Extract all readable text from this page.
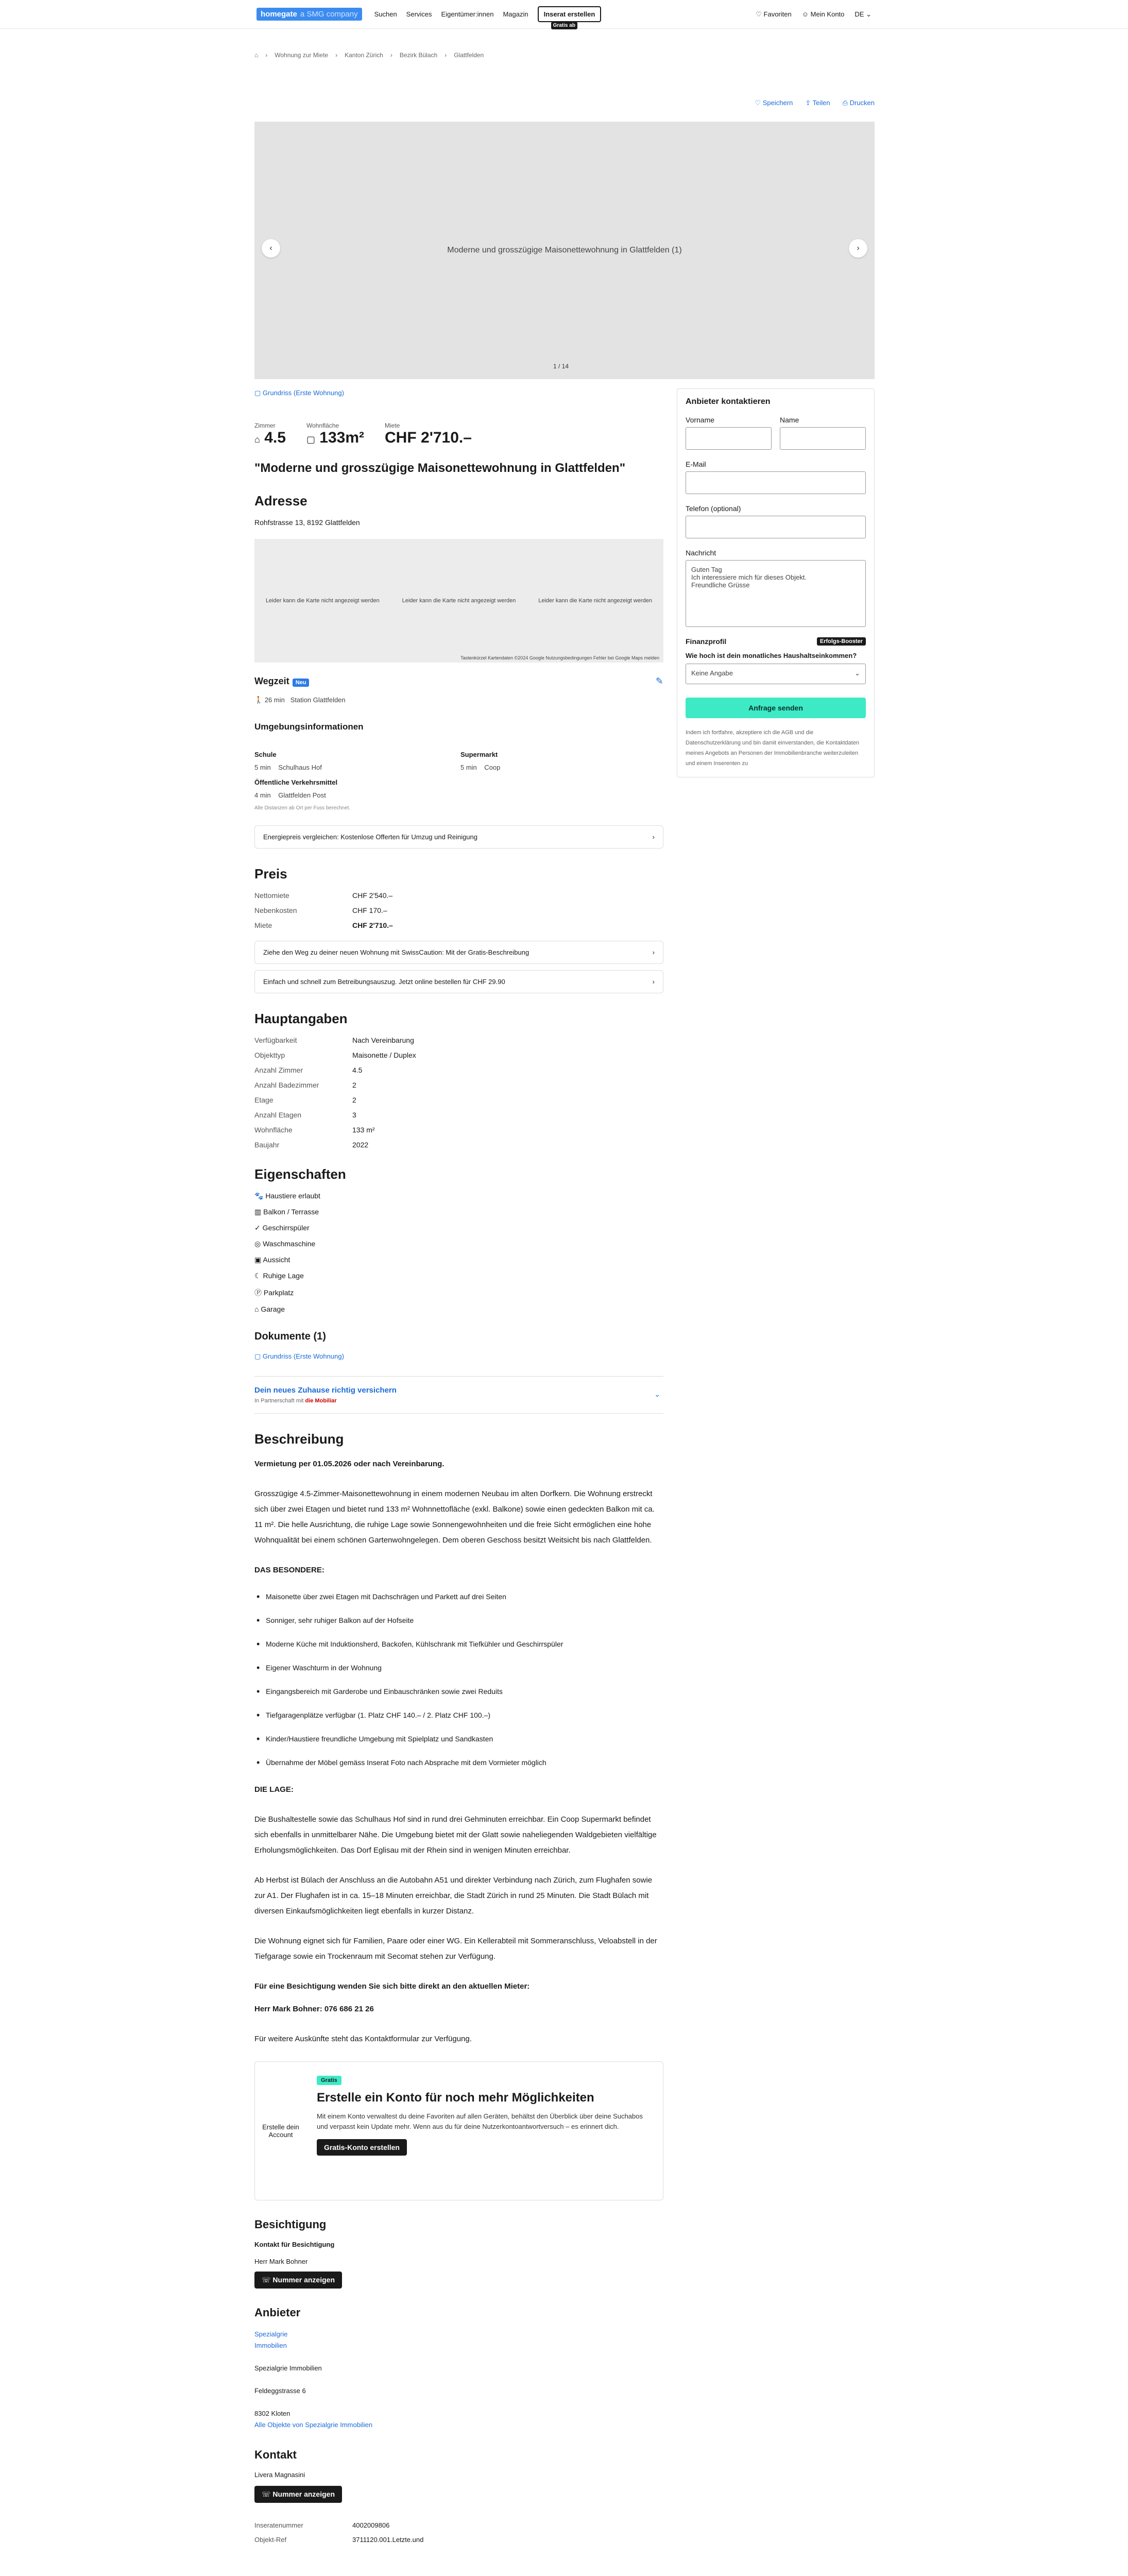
homegate a SMG company	Suchen Services Eigentümer:innen Magazin	Inserat erstellen
Gratis ab
♡ Favoriten ☺ Mein Konto DE ⌄
⌂ › Wohnung zur Miete › Kanton Zürich › Bezirk Bülach › Glattfelden
♡ Speichern ⇪ Teilen ⎙ Drucken
Moderne und grosszügige Maisonettewohnung in Glattfelden (1)
‹	›
1 / 14
▢ Grundriss (Erste Wohnung)
Zimmer
⌂ 4.5
Wohnfläche
▢ 133m²
Miete
CHF 2'710.–
"Moderne und grosszügige Maisonettewohnung in Glattfelden"
Adresse
Rohfstrasse 13, 8192 Glattfelden
Leider kann die Karte nicht angezeigt werden	Leider kann die Karte nicht angezeigt werden	Leider kann die Karte nicht angezeigt werden
Tastenkürzel Kartendaten ©2024 Google Nutzungsbedingungen Fehler bei Google Maps melden
Wegzeit Neu	✎
🚶 26 min Station Glattfelden
Umgebungsinformationen
Schule
5 min Schulhaus Hof
Supermarkt
5 min Coop
Öffentliche Verkehrsmittel
4 min Glattfelden Post
Alle Distanzen ab Ort per Fuss berechnet.
Energiepreis vergleichen: Kostenlose Offerten für Umzug und Reinigung	›
Preis
Nettomiete	CHF 2'540.–
Nebenkosten	CHF 170.–
Miete	CHF 2'710.–
Ziehe den Weg zu deiner neuen Wohnung mit SwissCaution: Mit der Gratis-Beschreibung	›
Einfach und schnell zum Betreibungsauszug. Jetzt online bestellen für CHF 29.90	›
Hauptangaben
Verfügbarkeit	Nach Vereinbarung
Objekttyp	Maisonette / Duplex
Anzahl Zimmer	4.5
Anzahl Badezimmer	2
Etage	2
Anzahl Etagen	3
Wohnfläche	133 m²
Baujahr	2022
Eigenschaften
🐾 Haustiere erlaubt
▥ Balkon / Terrasse
✓ Geschirrspüler
◎ Waschmaschine
▣ Aussicht
☾ Ruhige Lage
Ⓟ Parkplatz
⌂ Garage
Dokumente (1)
▢ Grundriss (Erste Wohnung)
Dein neues Zuhause richtig versichern
In Partnerschaft mit die Mobiliar
⌄
Beschreibung

Vermietung per 01.05.2026 oder nach Vereinbarung.

Grosszügige 4.5-Zimmer-Maisonettewohnung in einem modernen Neubau im alten Dorfkern. Die Wohnung erstreckt sich über zwei Etagen und bietet rund 133 m² Wohnnettofläche (exkl. Balkone) sowie einen gedeckten Balkon mit ca. 11 m². Die helle Ausrichtung, die ruhige Lage sowie Sonnengewohnheiten und die freie Sicht ermöglichen eine hohe Wohnqualität bei einem schönen Gartenwohngelegen. Dem oberen Geschoss besitzt Weitsicht bis nach Glattfelden.

DAS BESONDERE:

• Maisonette über zwei Etagen mit Dachschrägen und Parkett auf drei Seiten
• Sonniger, sehr ruhiger Balkon auf der Hofseite
• Moderne Küche mit Induktionsherd, Backofen, Kühlschrank mit Tiefkühler und Geschirrspüler
• Eigener Waschturm in der Wohnung
• Eingangsbereich mit Garderobe und Einbauschränken sowie zwei Reduits
• Tiefgaragenplätze verfügbar (1. Platz CHF 140.– / 2. Platz CHF 100.–)
• Kinder/Haustiere freundliche Umgebung mit Spielplatz und Sandkasten
• Übernahme der Möbel gemäss Inserat Foto nach Absprache mit dem Vormieter möglich

DIE LAGE:

Die Bushaltestelle sowie das Schulhaus Hof sind in rund drei Gehminuten erreichbar. Ein Coop Supermarkt befindet sich ebenfalls in unmittelbarer Nähe. Die Umgebung bietet mit der Glatt sowie naheliegenden Waldgebieten vielfältige Erholungsmöglichkeiten. Das Dorf Eglisau mit der Rhein sind in wenigen Minuten erreichbar.

Ab Herbst ist Bülach der Anschluss an die Autobahn A51 und direkter Verbindung nach Zürich, zum Flughafen sowie zur A1. Der Flughafen ist in ca. 15–18 Minuten erreichbar, die Stadt Zürich in rund 25 Minuten. Die Stadt Bülach mit diversen Einkaufsmöglichkeiten liegt ebenfalls in kurzer Distanz.

Die Wohnung eignet sich für Familien, Paare oder einer WG. Ein Kellerabteil mit Sommeranschluss, Veloabstell in der Tiefgarage sowie ein Trockenraum mit Secomat stehen zur Verfügung.

Für eine Besichtigung wenden Sie sich bitte direkt an den aktuellen Mieter:

Herr Mark Bohner: 076 686 21 26

Für weitere Auskünfte steht das Kontaktformular zur Verfügung.

Erstelle dein Account
Gratis
Erstelle ein Konto für noch mehr Möglichkeiten
Mit einem Konto verwaltest du deine Favoriten auf allen Geräten, behältst den Überblick über deine Suchabos und verpasst kein Update mehr. Wenn aus du für deine Nutzerkontoantwortversuch – es erinnert dich.
Gratis-Konto erstellen
Besichtigung
Kontakt für Besichtigung
Herr Mark Bohner
☏ Nummer anzeigen
Anbieter
Spezialgrie
Immobilien

Spezialgrie Immobilien

Feldeggstrasse 6

8302 Kloten
Alle Objekte von Spezialgrie Immobilien
Kontakt
Livera Magnasini
☏ Nummer anzeigen
Inseratenummer	4002009806
Objekt-Ref	3711120.001.Letzte.und
Anbieter kontaktieren
Vorname	Name
E-Mail
Telefon (optional)
Nachricht
Guten Tag
Ich interessiere mich für dieses Objekt.
Freundliche Grüsse
Finanzprofil	Erfolgs-Booster
Wie hoch ist dein monatliches Haushaltseinkommen?
Keine Angabe	⌄
Anfrage senden
Indem ich fortfahre, akzeptiere ich die AGB und die Datenschutzerklärung und bin damit einverstanden, die Kontaktdaten meines Angebots an Personen der Immobilienbranche weiterzuleiten und einem Inserenten zu
